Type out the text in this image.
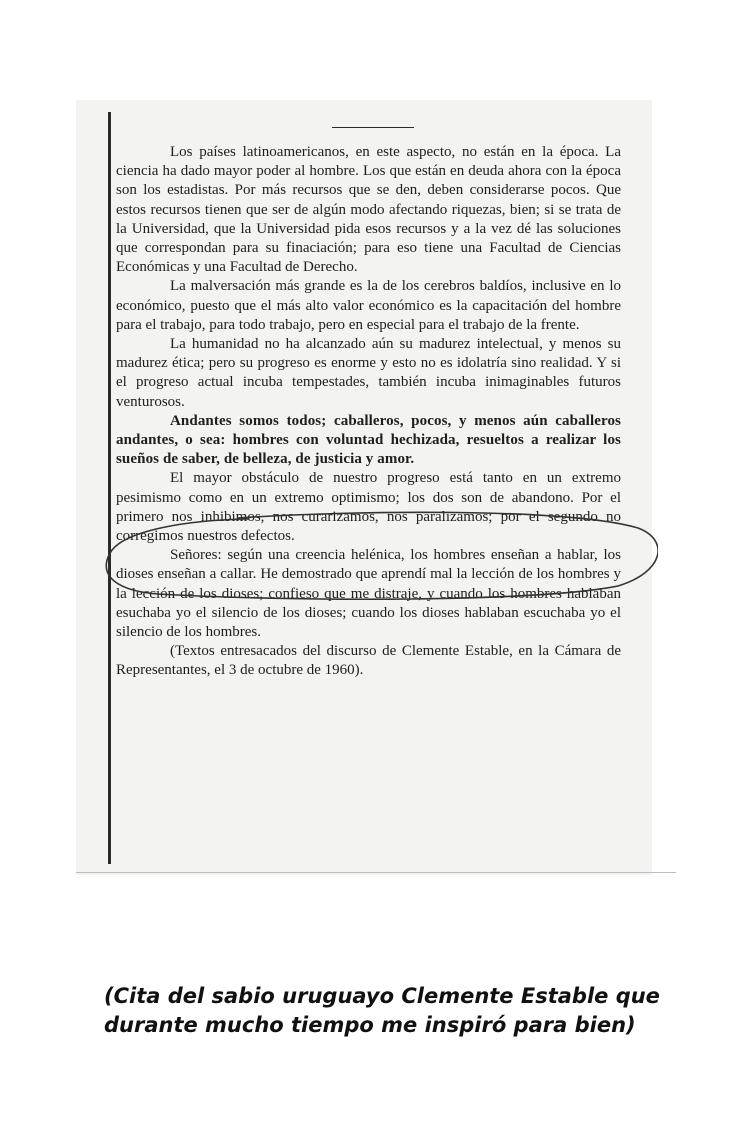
Los países latinoamericanos, en este aspecto, no están en la época. La ciencia ha dado mayor poder al hombre. Los que están en deuda ahora con la época son los estadistas. Por más recursos que se den, deben considerarse pocos. Que estos recursos tienen que ser de algún modo afectando riquezas, bien; si se trata de la Universidad, que la Universidad pida esos recursos y a la vez dé las soluciones que correspondan para su finaciación; para eso tiene una Facultad de Ciencias Económicas y una Facultad de Derecho.

La malversación más grande es la de los cerebros baldíos, inclusive en lo económico, puesto que el más alto valor económico es la capacitación del hombre para el trabajo, para todo trabajo, pero en especial para el trabajo de la frente.

La humanidad no ha alcanzado aún su madurez intelectual, y menos su madurez ética; pero su progreso es enorme y esto no es idolatría sino realidad. Y si el progreso actual incuba tempestades, también incuba inimaginables futuros venturosos.

Andantes somos todos; caballeros, pocos, y menos aún caballeros andantes, o sea: hombres con voluntad hechizada, resueltos a realizar los sueños de saber, de belleza, de justicia y amor.

El mayor obstáculo de nuestro progreso está tanto en un extremo pesimismo como en un extremo optimismo; los dos son de abandono. Por el primero nos inhibimos, nos curarizamos, nos paralizamos; por el segundo no corregimos nuestros defectos.

Señores: según una creencia helénica, los hombres enseñan a hablar, los dioses enseñan a callar. He demostrado que aprendí mal la lección de los hombres y la lección de los dioses; confieso que me distraje, y cuando los hombres hablaban esuchaba yo el silencio de los dioses; cuando los dioses hablaban escuchaba yo el silencio de los hombres.

(Textos entresacados del discurso de Clemente Estable, en la Cámara de Representantes, el 3 de octubre de 1960).

(Cita del sabio uruguayo Clemente Estable que
durante mucho tiempo me inspiró para bien)
